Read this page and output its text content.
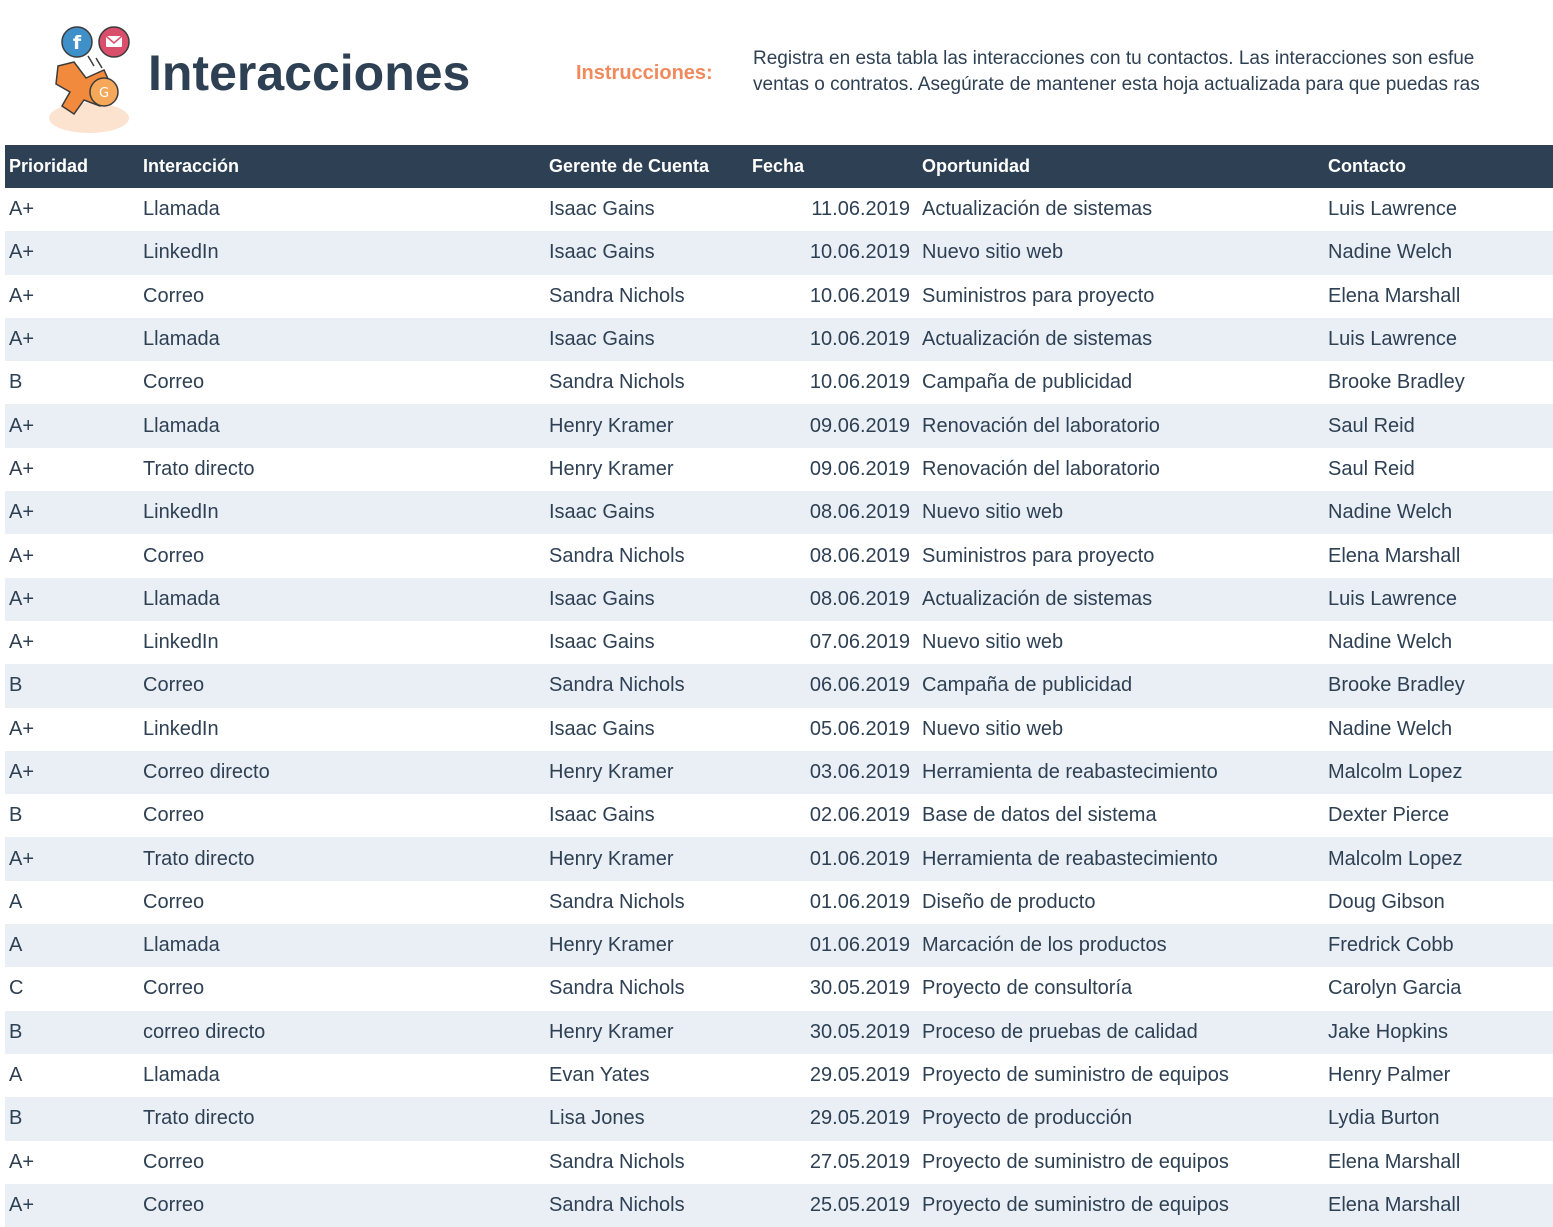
G
f
Interacciones	Instrucciones:
Registra en esta tabla las interacciones con tu contactos. Las interacciones son esfue
ventas o contratos. Asegúrate de mantener esta hoja actualizada para que puedas ras
Prioridad	Interacción	Gerente de Cuenta	Fecha	Oportunidad	Contacto
A+	Llamada	Isaac Gains	11.06.2019	Actualización de sistemas	Luis Lawrence
A+	LinkedIn	Isaac Gains	10.06.2019	Nuevo sitio web	Nadine Welch
A+	Correo	Sandra Nichols	10.06.2019	Suministros para proyecto	Elena Marshall
A+	Llamada	Isaac Gains	10.06.2019	Actualización de sistemas	Luis Lawrence
B	Correo	Sandra Nichols	10.06.2019	Campaña de publicidad	Brooke Bradley
A+	Llamada	Henry Kramer	09.06.2019	Renovación del laboratorio	Saul Reid
A+	Trato directo	Henry Kramer	09.06.2019	Renovación del laboratorio	Saul Reid
A+	LinkedIn	Isaac Gains	08.06.2019	Nuevo sitio web	Nadine Welch
A+	Correo	Sandra Nichols	08.06.2019	Suministros para proyecto	Elena Marshall
A+	Llamada	Isaac Gains	08.06.2019	Actualización de sistemas	Luis Lawrence
A+	LinkedIn	Isaac Gains	07.06.2019	Nuevo sitio web	Nadine Welch
B	Correo	Sandra Nichols	06.06.2019	Campaña de publicidad	Brooke Bradley
A+	LinkedIn	Isaac Gains	05.06.2019	Nuevo sitio web	Nadine Welch
A+	Correo directo	Henry Kramer	03.06.2019	Herramienta de reabastecimiento	Malcolm Lopez
B	Correo	Isaac Gains	02.06.2019	Base de datos del sistema	Dexter Pierce
A+	Trato directo	Henry Kramer	01.06.2019	Herramienta de reabastecimiento	Malcolm Lopez
A	Correo	Sandra Nichols	01.06.2019	Diseño de producto	Doug Gibson
A	Llamada	Henry Kramer	01.06.2019	Marcación de los productos	Fredrick Cobb
C	Correo	Sandra Nichols	30.05.2019	Proyecto de consultoría	Carolyn Garcia
B	correo directo	Henry Kramer	30.05.2019	Proceso de pruebas de calidad	Jake Hopkins
A	Llamada	Evan Yates	29.05.2019	Proyecto de suministro de equipos	Henry Palmer
B	Trato directo	Lisa Jones	29.05.2019	Proyecto de producción	Lydia Burton
A+	Correo	Sandra Nichols	27.05.2019	Proyecto de suministro de equipos	Elena Marshall
A+	Correo	Sandra Nichols	25.05.2019	Proyecto de suministro de equipos	Elena Marshall
